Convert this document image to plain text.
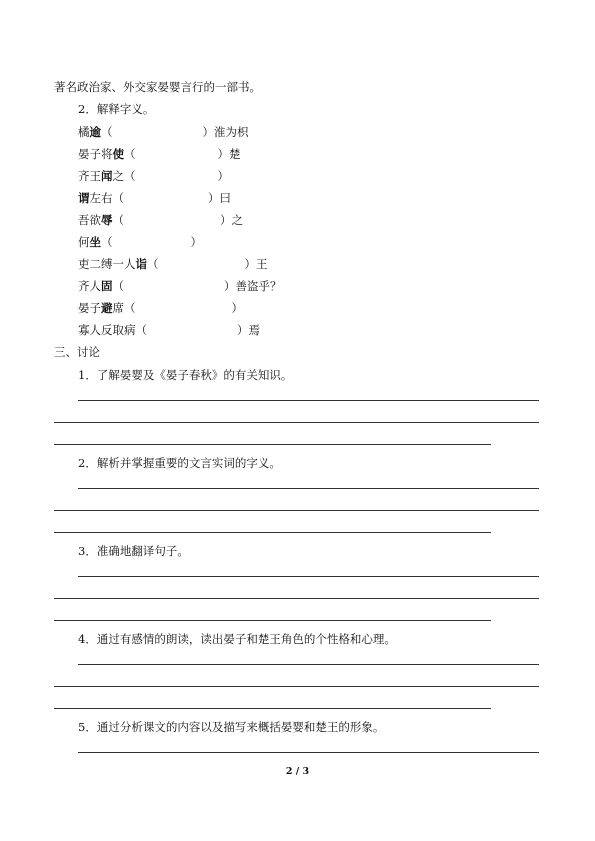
著名政治家、外交家晏婴言行的一部书。
2．解释字义。
橘逾（	）淮为枳
晏子将使（	）楚
齐王闻之（	）
谓左右（	）曰
吾欲辱（	）之
何坐（	）
吏二缚一人诣（	）王
齐人固（	）善盗乎？
晏子避席（	）
寡人反取病（	）焉
三、讨论
1．了解晏婴及《晏子春秋》的有关知识。
2．解析并掌握重要的文言实词的字义。
3．准确地翻译句子。
4．通过有感情的朗读，读出晏子和楚王角色的个性格和心理。
5．通过分析课文的内容以及描写来概括晏婴和楚王的形象。
2 / 3
